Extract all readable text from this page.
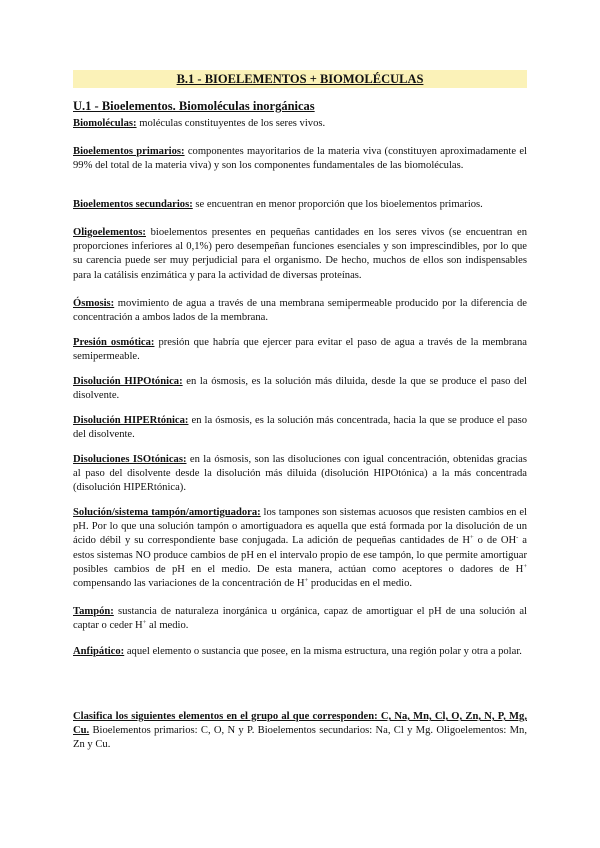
B.1 - BIOELEMENTOS + BIOMOLÉCULAS
U.1 - Bioelementos. Biomoléculas inorgánicas

Biomoléculas: moléculas constituyentes de los seres vivos.

Bioelementos primarios: componentes mayoritarios de la materia viva (constituyen aproximadamente el 99% del total de la materia viva) y son los componentes fundamentales de las biomoléculas.

Bioelementos secundarios: se encuentran en menor proporción que los bioelementos primarios.

Oligoelementos: bioelementos presentes en pequeñas cantidades en los seres vivos (se encuentran en proporciones inferiores al 0,1%) pero desempeñan funciones esenciales y son imprescindibles, por lo que su carencia puede ser muy perjudicial para el organismo. De hecho, muchos de ellos son indispensables para la catálisis enzimática y para la actividad de diversas proteínas.

Ósmosis: movimiento de agua a través de una membrana semipermeable producido por la diferencia de concentración a ambos lados de la membrana.

Presión osmótica: presión que habría que ejercer para evitar el paso de agua a través de la membrana semipermeable.

Disolución HIPOtónica: en la ósmosis, es la solución más diluida, desde la que se produce el paso del disolvente.

Disolución HIPERtónica: en la ósmosis, es la solución más concentrada, hacia la que se produce el paso del disolvente.

Disoluciones ISOtónicas: en la ósmosis, son las disoluciones con igual concentración, obtenidas gracias al paso del disolvente desde la disolución más diluida (disolución HIPOtónica) a la más concentrada (disolución HIPERtónica).

Solución/sistema tampón/amortiguadora: los tampones son sistemas acuosos que resisten cambios en el pH. Por lo que una solución tampón o amortiguadora es aquella que está formada por la disolución de un ácido débil y su correspondiente base conjugada. La adición de pequeñas cantidades de H+ o de OH- a estos sistemas NO produce cambios de pH en el intervalo propio de ese tampón, lo que permite amortiguar posibles cambios de pH en el medio. De esta manera, actúan como aceptores o dadores de H+ compensando las variaciones de la concentración de H+ producidas en el medio.

Tampón: sustancia de naturaleza inorgánica u orgánica, capaz de amortiguar el pH de una solución al captar o ceder H+ al medio.

Anfipático: aquel elemento o sustancia que posee, en la misma estructura, una región polar y otra a polar.

Clasifica los siguientes elementos en el grupo al que corresponden: C, Na, Mn, Cl, O, Zn, N, P, Mg, Cu. Bioelementos primarios: C, O, N y P. Bioelementos secundarios: Na, Cl y Mg. Oligoelementos: Mn, Zn y Cu.
